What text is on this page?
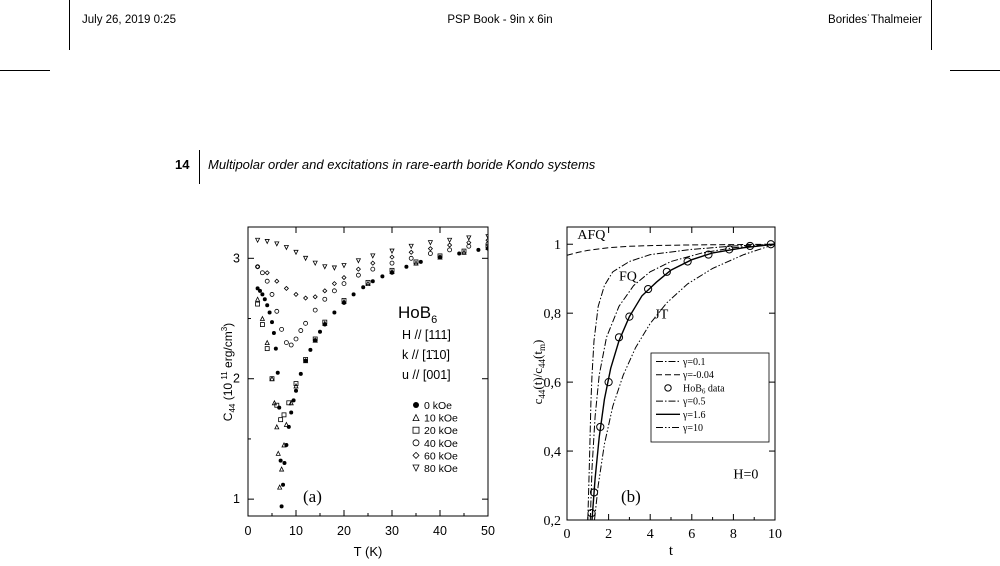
July 26, 2019 0:25	PSP Book - 9in x 6in	Borides˙Thalmeier
14 Multipolar order and excitations in rare-earth boride Kondo systems
0	10	20	30	40	50
1
2
3
T (K)
$C_{44}$ (10 $^{11}$ erg/$cm^3$)
HoB$_6$
H // [111]
k // [1̄10]
u // [001]
0 kOe
10 kOe
20 kOe
40 kOe
60 kOe
80 kOe
(a)
0 2 4 6 8 10
0,2
0,4
0,6
0,8
1
t
$c_{44}(t)/c_{44}(t_m)$
AFQ
FQ
JT
H=0
γ=0.1
γ=-0.04
HoB$_6$ data
γ=0.5
γ=1.6
γ=10
(b)
